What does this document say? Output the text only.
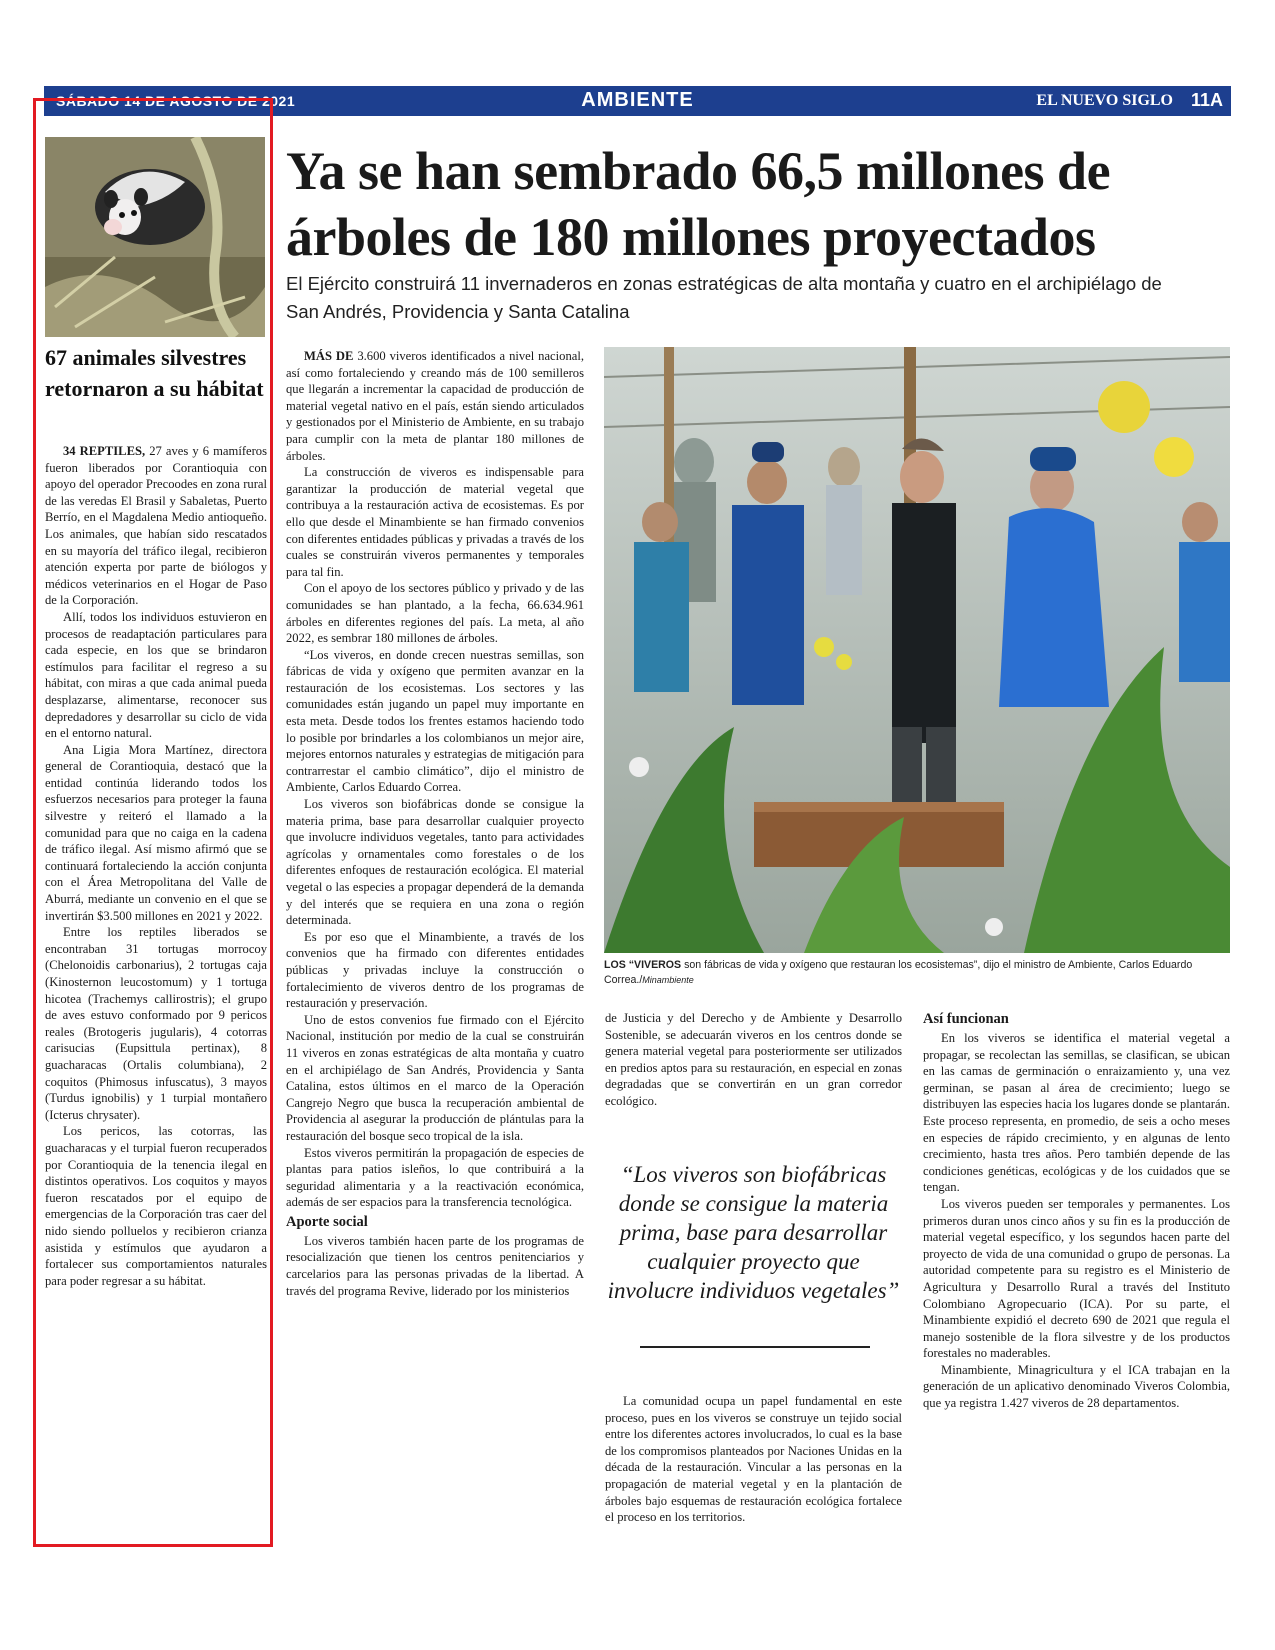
SÁBADO 14 DE AGOSTO DE 2021	AMBIENTE	EL NUEVO SIGLO 11A
67 animales silvestres retornaron a su hábitat

34 REPTILES, 27 aves y 6 mamíferos fueron liberados por Corantioquia con apoyo del operador Precoodes en zona rural de las veredas El Brasil y Sabaletas, Puerto Berrío, en el Magdalena Medio antioqueño. Los animales, que habían sido rescatados en su mayoría del tráfico ilegal, recibieron atención experta por parte de biólogos y médicos veterinarios en el Hogar de Paso de la Corporación.

Allí, todos los individuos estuvieron en procesos de readaptación particulares para cada especie, en los que se brindaron estímulos para facilitar el regreso a su hábitat, con miras a que cada animal pueda desplazarse, alimentarse, reconocer sus depredadores y desarrollar su ciclo de vida en el entorno natural.

Ana Ligia Mora Martínez, directora general de Corantioquia, destacó que la entidad continúa liderando todos los esfuerzos necesarios para proteger la fauna silvestre y reiteró el llamado a la comunidad para que no caiga en la cadena de tráfico ilegal. Así mismo afirmó que se continuará fortaleciendo la acción conjunta con el Área Metropolitana del Valle de Aburrá, mediante un convenio en el que se invertirán $3.500 millones en 2021 y 2022.

Entre los reptiles liberados se encontraban 31 tortugas morrocoy (Chelonoidis carbonarius), 2 tortugas caja (Kinosternon leucostomum) y 1 tortuga hicotea (Trachemys callirostris); el grupo de aves estuvo conformado por 9 pericos reales (Brotogeris jugularis), 4 cotorras carisucias (Eupsittula pertinax), 8 guacharacas (Ortalis columbiana), 2 coquitos (Phimosus infuscatus), 3 mayos (Turdus ignobilis) y 1 turpial montañero (Icterus chrysater).

Los pericos, las cotorras, las guacharacas y el turpial fueron recuperados por Corantioquia de la tenencia ilegal en distintos operativos. Los coquitos y mayos fueron rescatados por el equipo de emergencias de la Corporación tras caer del nido siendo polluelos y recibieron crianza asistida y estímulos que ayudaron a fortalecer sus comportamientos naturales para poder regresar a su hábitat.

Ya se han sembrado 66,5 millones de árboles de 180 millones proyectados
El Ejército construirá 11 invernaderos en zonas estratégicas de alta montaña y cuatro en el archipiélago de San Andrés, Providencia y Santa Catalina

MÁS DE 3.600 viveros identificados a nivel nacional, así como fortaleciendo y creando más de 100 semilleros que llegarán a incrementar la capacidad de producción de material vegetal nativo en el país, están siendo articulados y gestionados por el Ministerio de Ambiente, en su trabajo para cumplir con la meta de plantar 180 millones de árboles.

La construcción de viveros es indispensable para garantizar la producción de material vegetal que contribuya a la restauración activa de ecosistemas. Es por ello que desde el Minambiente se han firmado convenios con diferentes entidades públicas y privadas a través de los cuales se construirán viveros permanentes y temporales para tal fin.

Con el apoyo de los sectores público y privado y de las comunidades se han plantado, a la fecha, 66.634.961 árboles en diferentes regiones del país. La meta, al año 2022, es sembrar 180 millones de árboles.

“Los viveros, en donde crecen nuestras semillas, son fábricas de vida y oxígeno que permiten avanzar en la restauración de los ecosistemas. Los sectores y las comunidades están jugando un papel muy importante en esta meta. Desde todos los frentes estamos haciendo todo lo posible por brindarles a los colombianos un mejor aire, mejores entornos naturales y estrategias de mitigación para contrarrestar el cambio climático”, dijo el ministro de Ambiente, Carlos Eduardo Correa.

Los viveros son biofábricas donde se consigue la materia prima, base para desarrollar cualquier proyecto que involucre individuos vegetales, tanto para actividades agrícolas y ornamentales como forestales o de los diferentes enfoques de restauración ecológica. El material vegetal o las especies a propagar dependerá de la demanda y del interés que se requiera en una zona o región determinada.

Es por eso que el Minambiente, a través de los convenios que ha firmado con diferentes entidades públicas y privadas incluye la construcción o fortalecimiento de viveros dentro de los programas de restauración y preservación.

Uno de estos convenios fue firmado con el Ejército Nacional, institución por medio de la cual se construirán 11 viveros en zonas estratégicas de alta montaña y cuatro en el archipiélago de San Andrés, Providencia y Santa Catalina, estos últimos en el marco de la Operación Cangrejo Negro que busca la recuperación ambiental de Providencia al asegurar la producción de plántulas para la restauración del bosque seco tropical de la isla.

Estos viveros permitirán la propagación de especies de plantas para patios isleños, lo que contribuirá a la seguridad alimentaria y a la reactivación económica, además de ser espacios para la transferencia tecnológica.

Aporte social

Los viveros también hacen parte de los programas de resocialización que tienen los centros penitenciarios y carcelarios para las personas privadas de la libertad. A través del programa Revive, liderado por los ministerios

LOS “VIVEROS son fábricas de vida y oxígeno que restauran los ecosistemas”, dijo el ministro de Ambiente, Carlos Eduardo Correa./Minambiente

de Justicia y del Derecho y de Ambiente y Desarrollo Sostenible, se adecuarán viveros en los centros donde se genera material vegetal para posteriormente ser utilizados en predios aptos para su restauración, en especial en zonas degradadas que se convertirán en un gran corredor ecológico.

“Los viveros son biofábricas donde se consigue la materia prima, base para desarrollar cualquier proyecto que involucre individuos vegetales”

La comunidad ocupa un papel fundamental en este proceso, pues en los viveros se construye un tejido social entre los diferentes actores involucrados, lo cual es la base de los compromisos planteados por Naciones Unidas en la década de la restauración. Vincular a las personas en la propagación de material vegetal y en la plantación de árboles bajo esquemas de restauración ecológica fortalece el proceso en los territorios.

Así funcionan

En los viveros se identifica el material vegetal a propagar, se recolectan las semillas, se clasifican, se ubican en las camas de germinación o enraizamiento y, una vez germinan, se pasan al área de crecimiento; luego se distribuyen las especies hacia los lugares donde se plantarán. Este proceso representa, en promedio, de seis a ocho meses en especies de rápido crecimiento, y en algunas de lento crecimiento, hasta tres años. Pero también depende de las condiciones genéticas, ecológicas y de los cuidados que se tengan.

Los viveros pueden ser temporales y permanentes. Los primeros duran unos cinco años y su fin es la producción de material vegetal específico, y los segundos hacen parte del proyecto de vida de una comunidad o grupo de personas. La autoridad competente para su registro es el Ministerio de Agricultura y Desarrollo Rural a través del Instituto Colombiano Agropecuario (ICA). Por su parte, el Minambiente expidió el decreto 690 de 2021 que regula el manejo sostenible de la flora silvestre y de los productos forestales no maderables.

Minambiente, Minagricultura y el ICA trabajan en la generación de un aplicativo denominado Viveros Colombia, que ya registra 1.427 viveros de 28 departamentos.
